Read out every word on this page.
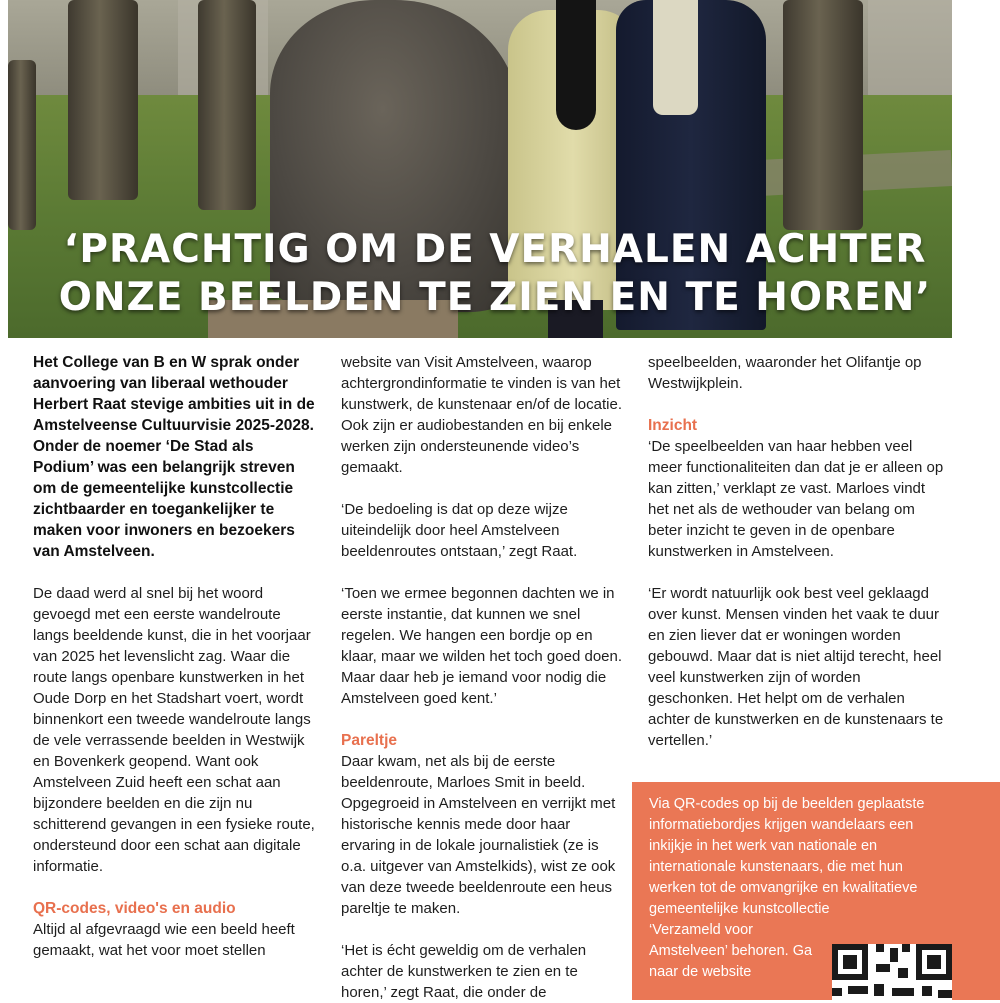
‘PRACHTIG OM DE VERHALEN ACHTER
ONZE BEELDEN TE ZIEN EN TE HOREN’

Het College van B en W sprak onder aanvoering van liberaal wethouder Herbert Raat stevige ambities uit in de Amstelveense Cultuurvisie 2025-2028. Onder de noemer ‘De Stad als Podium’ was een belangrijk streven om de gemeentelijke kunstcollectie zichtbaarder en toegankelijker te maken voor inwoners en bezoekers van Amstelveen.

De daad werd al snel bij het woord gevoegd met een eerste wandelroute langs beeldende kunst, die in het voorjaar van 2025 het levenslicht zag. Waar die route langs openbare kunstwerken in het Oude Dorp en het Stadshart voert, wordt binnenkort een tweede wandelroute langs de vele verrassende beelden in Westwijk en Bovenkerk geopend. Want ook Amstelveen Zuid heeft een schat aan bijzondere beelden en die zijn nu schitterend gevangen in een fysieke route, ondersteund door een schat aan digitale informatie.

QR-codes, video's en audio

Altijd al afgevraagd wie een beeld heeft gemaakt, wat het voor moet stellen

website van Visit Amstelveen, waarop achtergrondinformatie te vinden is van het kunstwerk, de kunstenaar en/of de locatie. Ook zijn er audiobestanden en bij enkele werken zijn ondersteunende video’s gemaakt.

‘De bedoeling is dat op deze wijze uiteindelijk door heel Amstelveen beeldenroutes ontstaan,’ zegt Raat.

‘Toen we ermee begonnen dachten we in eerste instantie, dat kunnen we snel regelen. We hangen een bordje op en klaar, maar we wilden het toch goed doen. Maar daar heb je iemand voor nodig die Amstelveen goed kent.’

Pareltje

Daar kwam, net als bij de eerste beeldenroute, Marloes Smit in beeld. Opgegroeid in Amstelveen en verrijkt met historische kennis mede door haar ervaring in de lokale journalistiek (ze is o.a. uitgever van Amstelkids), wist ze ook van deze tweede beeldenroute een heus pareltje te maken.

‘Het is écht geweldig om de verhalen achter de kunstwerken te zien en te horen,’ zegt Raat, die onder de

speelbeelden, waaronder het Olifantje op Westwijkplein.

Inzicht

‘De speelbeelden van haar hebben veel meer functionaliteiten dan dat je er alleen op kan zitten,’ verklapt ze vast. Marloes vindt het net als de wethouder van belang om beter inzicht te geven in de openbare kunstwerken in Amstelveen.

‘Er wordt natuurlijk ook best veel geklaagd over kunst. Mensen vinden het vaak te duur en zien liever dat er woningen worden gebouwd. Maar dat is niet altijd terecht, heel veel kunstwerken zijn of worden geschonken. Het helpt om de verhalen achter de kunstwerken en de kunstenaars te vertellen.’

Via QR-codes op bij de beelden geplaatste informatiebordjes krijgen wandelaars een inkijkje in het werk van nationale en internationale kunstenaars, die met hun werken tot de omvangrijke en kwalitatieve gemeentelijke kunstcollectie

‘Verzameld voor Amstelveen’ behoren. Ga naar de website
